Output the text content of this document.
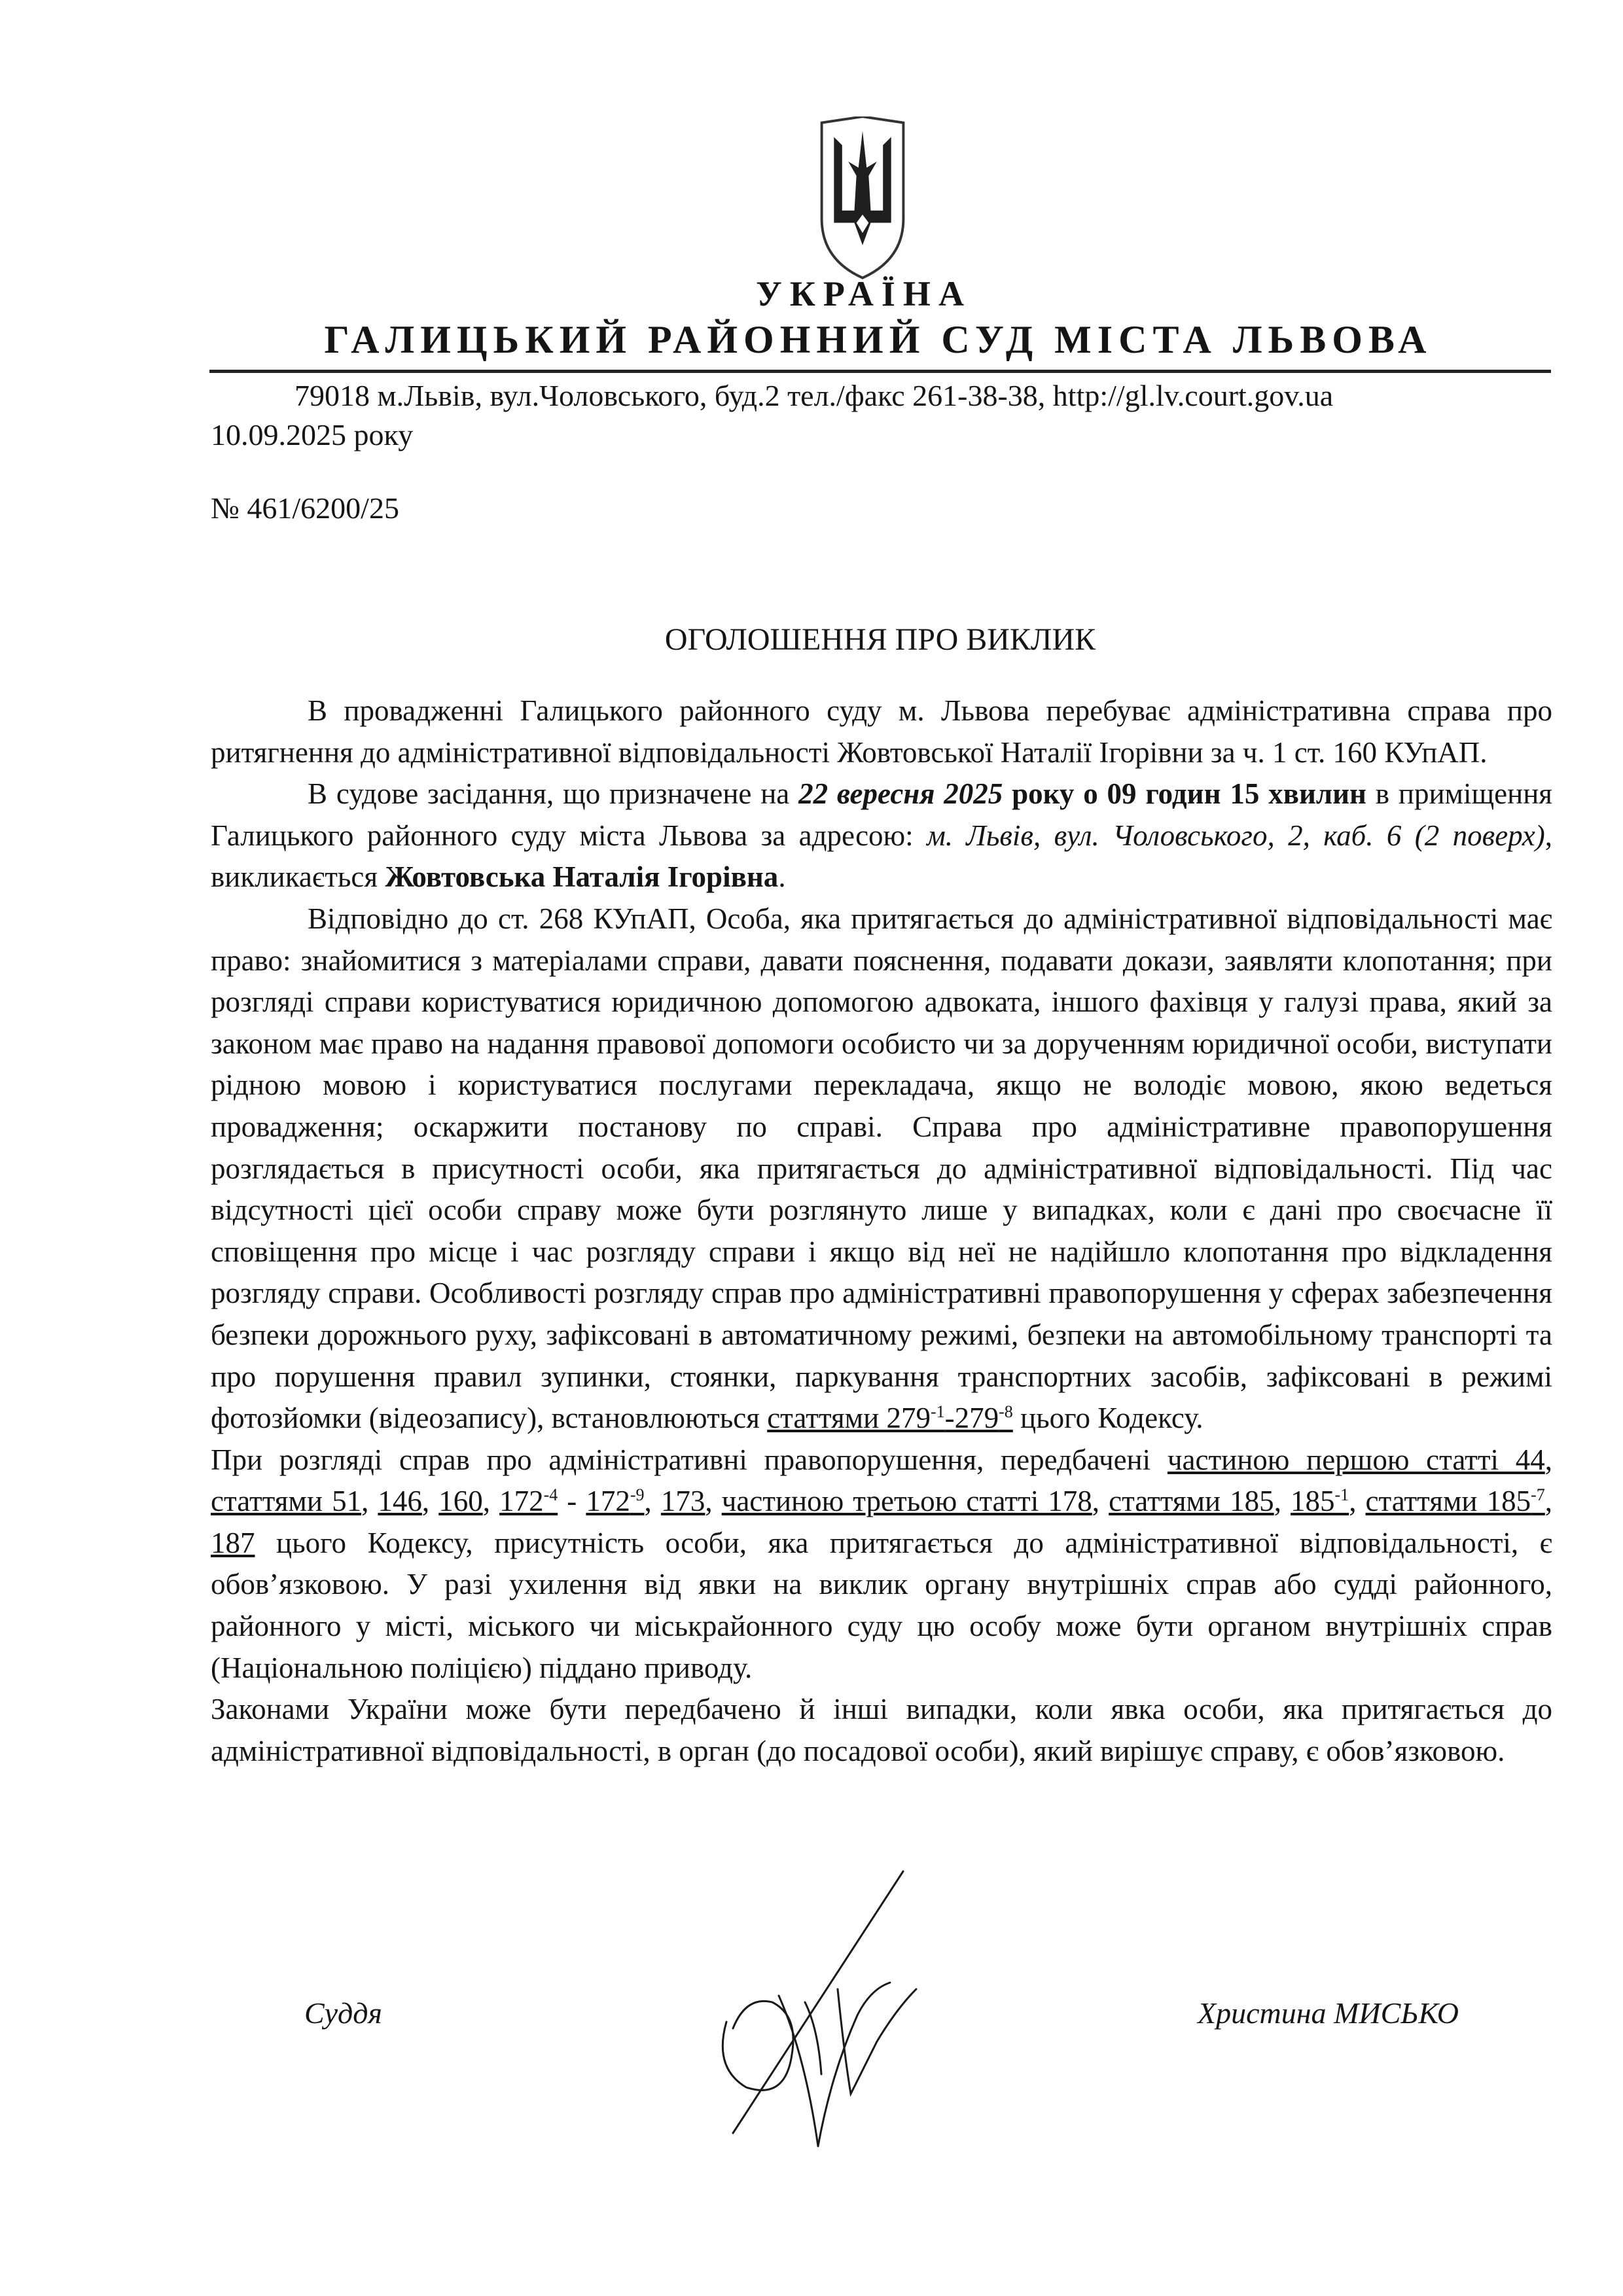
УКРАЇНА
ГАЛИЦЬКИЙ РАЙОННИЙ СУД МІСТА ЛЬВОВА
79018 м.Львів, вул.Чоловського, буд.2 тел./факс 261-38-38, http://gl.lv.court.gov.ua
10.09.2025 року
№ 461/6200/25
ОГОЛОШЕННЯ ПРО ВИКЛИК

В провадженні Галицького районного суду м. Львова перебуває адміністративна справа про ритягнення до адміністративної відповідальності Жовтовської Наталії Ігорівни за ч. 1 ст. 160 КУпАП.

В судове засідання, що призначене на 22 вересня 2025 року о 09 годин 15 хвилин в приміщення Галицького районного суду міста Львова за адресою: м. Львів, вул. Чоловського, 2, каб. 6 (2 поверх), викликається Жовтовська Наталія Ігорівна.

Відповідно до ст. 268 КУпАП, Особа, яка притягається до адміністративної відповідальності має право: знайомитися з матеріалами справи, давати пояснення, подавати докази, заявляти клопотання; при розгляді справи користуватися юридичною допомогою адвоката, іншого фахівця у галузі права, який за законом має право на надання правової допомоги особисто чи за дорученням юридичної особи, виступати рідною мовою і користуватися послугами перекладача, якщо не володіє мовою, якою ведеться провадження; оскаржити постанову по справі. Справа про адміністративне правопорушення розглядається в присутності особи, яка притягається до адміністративної відповідальності. Під час відсутності цієї особи справу може бути розглянуто лише у випадках, коли є дані про своєчасне її сповіщення про місце і час розгляду справи і якщо від неї не надійшло клопотання про відкладення розгляду справи. Особливості розгляду справ про адміністративні правопорушення у сферах забезпечення безпеки дорожнього руху, зафіксовані в автоматичному режимі, безпеки на автомобільному транспорті та про порушення правил зупинки, стоянки, паркування транспортних засобів, зафіксовані в режимі фотозйомки (відеозапису), встановлюються статтями $279^{-1}-279^{-8}$ цього Кодексу.

При розгляді справ про адміністративні правопорушення, передбачені частиною першою статті 44, статтями 51, 146, 160, $172^{-4} - 172^{-9}$, 173, частиною третьою статті 178, статтями 185, $185^{-1}$, статтями $185^{-7}$, 187 цього Кодексу, присутність особи, яка притягається до адміністративної відповідальності, є обов’язковою. У разі ухилення від явки на виклик органу внутрішніх справ або судді районного, районного у місті, міського чи міськрайонного суду цю особу може бути органом внутрішніх справ (Національною поліцією) піддано приводу.

Законами України може бути передбачено й інші випадки, коли явка особи, яка притягається до адміністративної відповідальності, в орган (до посадової особи), який вирішує справу, є обов’язковою.

Суддя	Христина МИСЬКО
